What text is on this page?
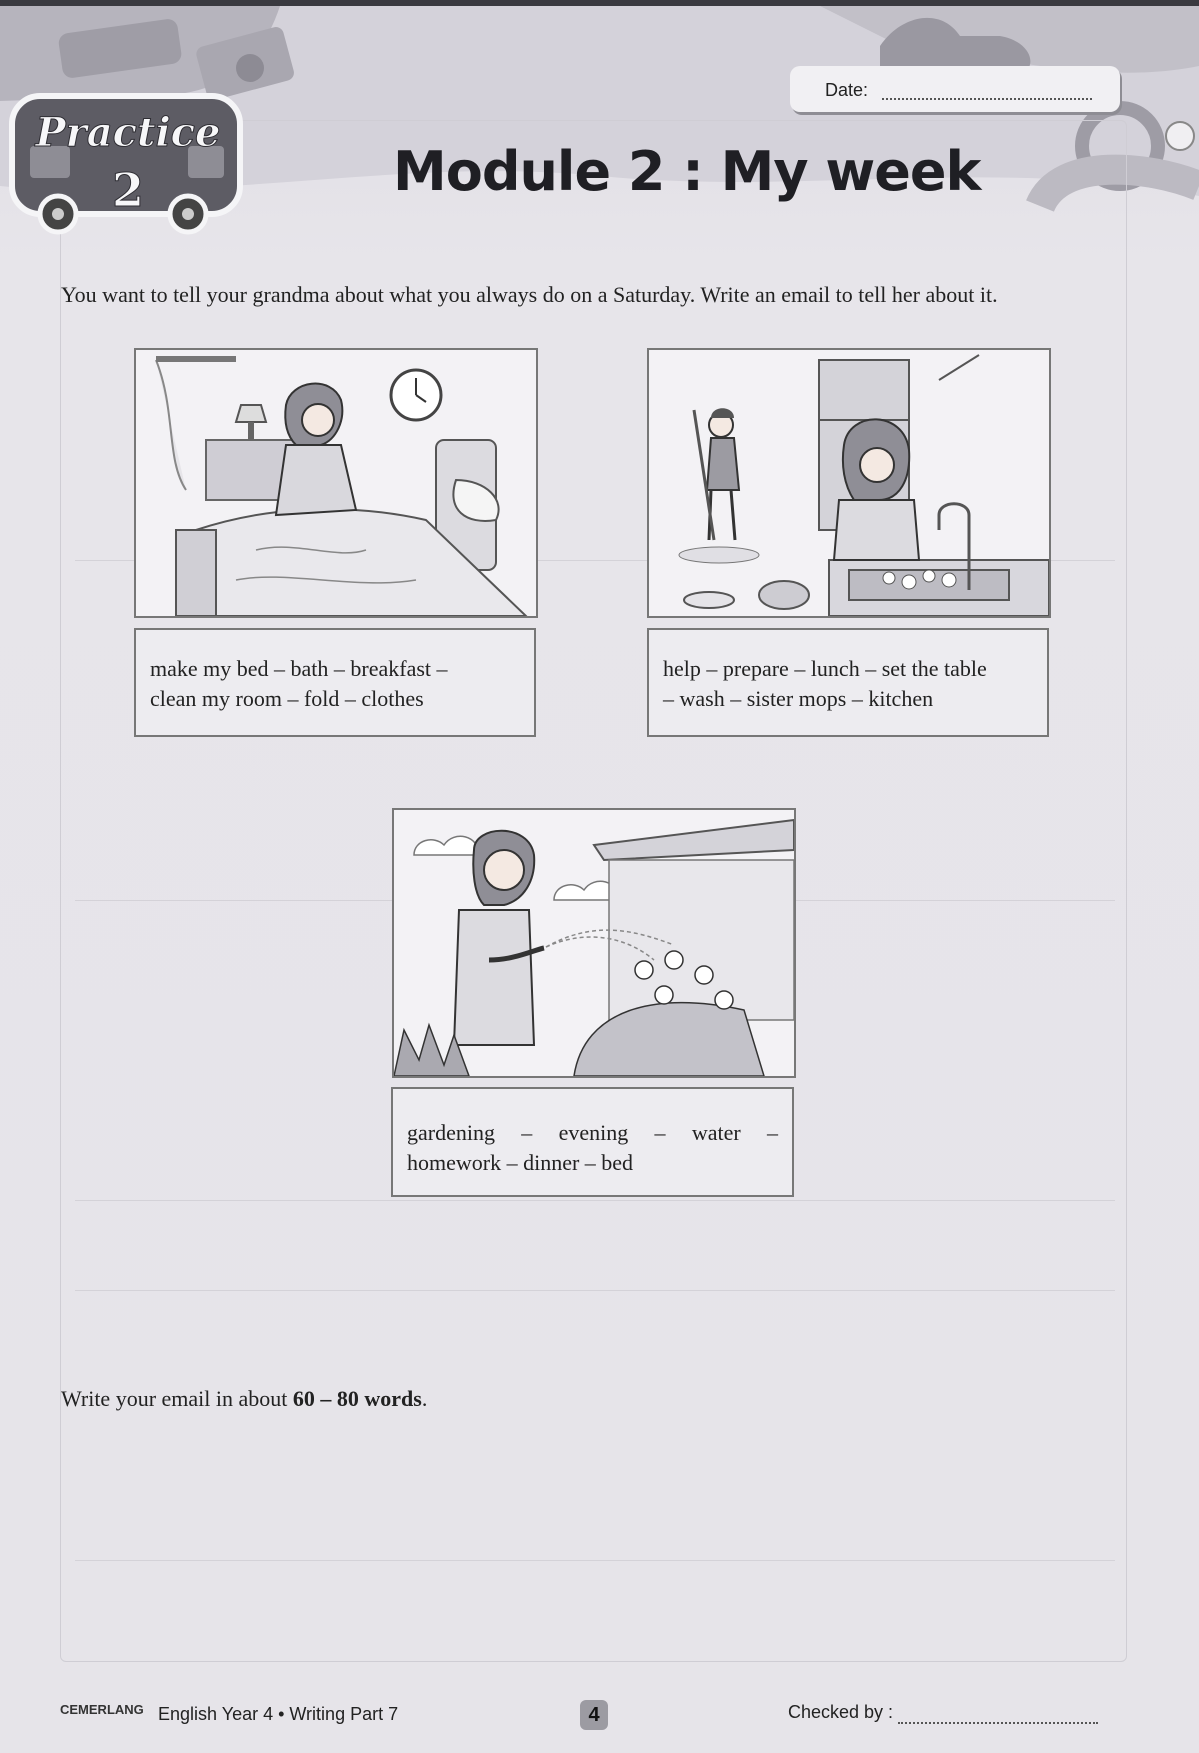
Date:
Practice
2	Module 2 : My week
You want to tell your grandma about what you always do on a Saturday. Write an email to tell her about it.
make my bed – bath – breakfast –
clean my room – fold – clothes
help – prepare – lunch – set the table
– wash – sister mops – kitchen
gardening – evening – water –
homework – dinner – bed
Write your email in about 60 – 80 words.
CEMERLANG English Year 4 • Writing Part 7	4	Checked by :
